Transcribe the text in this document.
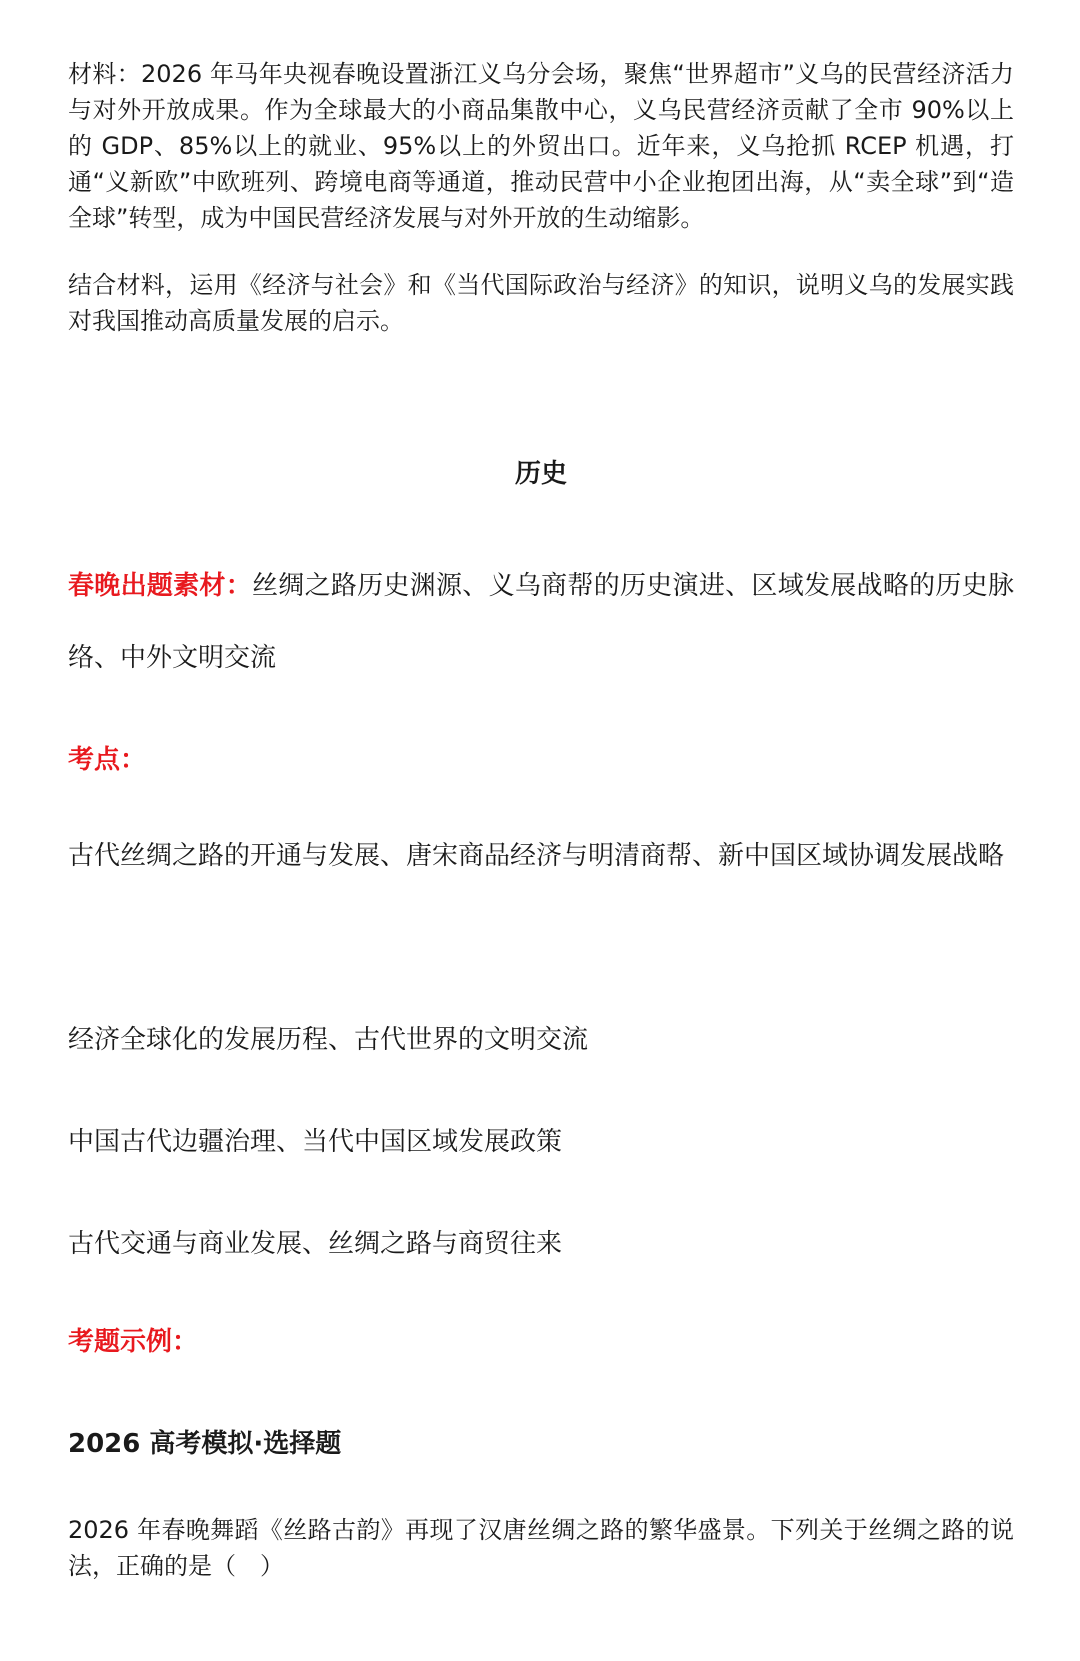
材料：2026 年马年央视春晚设置浙江义乌分会场，聚焦“世界超市”义乌的民营经济活力与对外开放成果。作为全球最大的小商品集散中心，义乌民营经济贡献了全市 90%以上的 GDP、85%以上的就业、95%以上的外贸出口。近年来，义乌抢抓 RCEP 机遇，打通“义新欧”中欧班列、跨境电商等通道，推动民营中小企业抱团出海，从“卖全球”到“造全球”转型，成为中国民营经济发展与对外开放的生动缩影。

结合材料，运用《经济与社会》和《当代国际政治与经济》的知识，说明义乌的发展实践对我国推动高质量发展的启示。

历史

春晚出题素材：丝绸之路历史渊源、义乌商帮的历史演进、区域发展战略的历史脉络、中外文明交流

考点：

古代丝绸之路的开通与发展、唐宋商品经济与明清商帮、新中国区域协调发展战略

经济全球化的发展历程、古代世界的文明交流

中国古代边疆治理、当代中国区域发展政策

古代交通与商业发展、丝绸之路与商贸往来

考题示例：

2026 高考模拟·选择题

2026 年春晚舞蹈《丝路古韵》再现了汉唐丝绸之路的繁华盛景。下列关于丝绸之路的说法，正确的是（　）
